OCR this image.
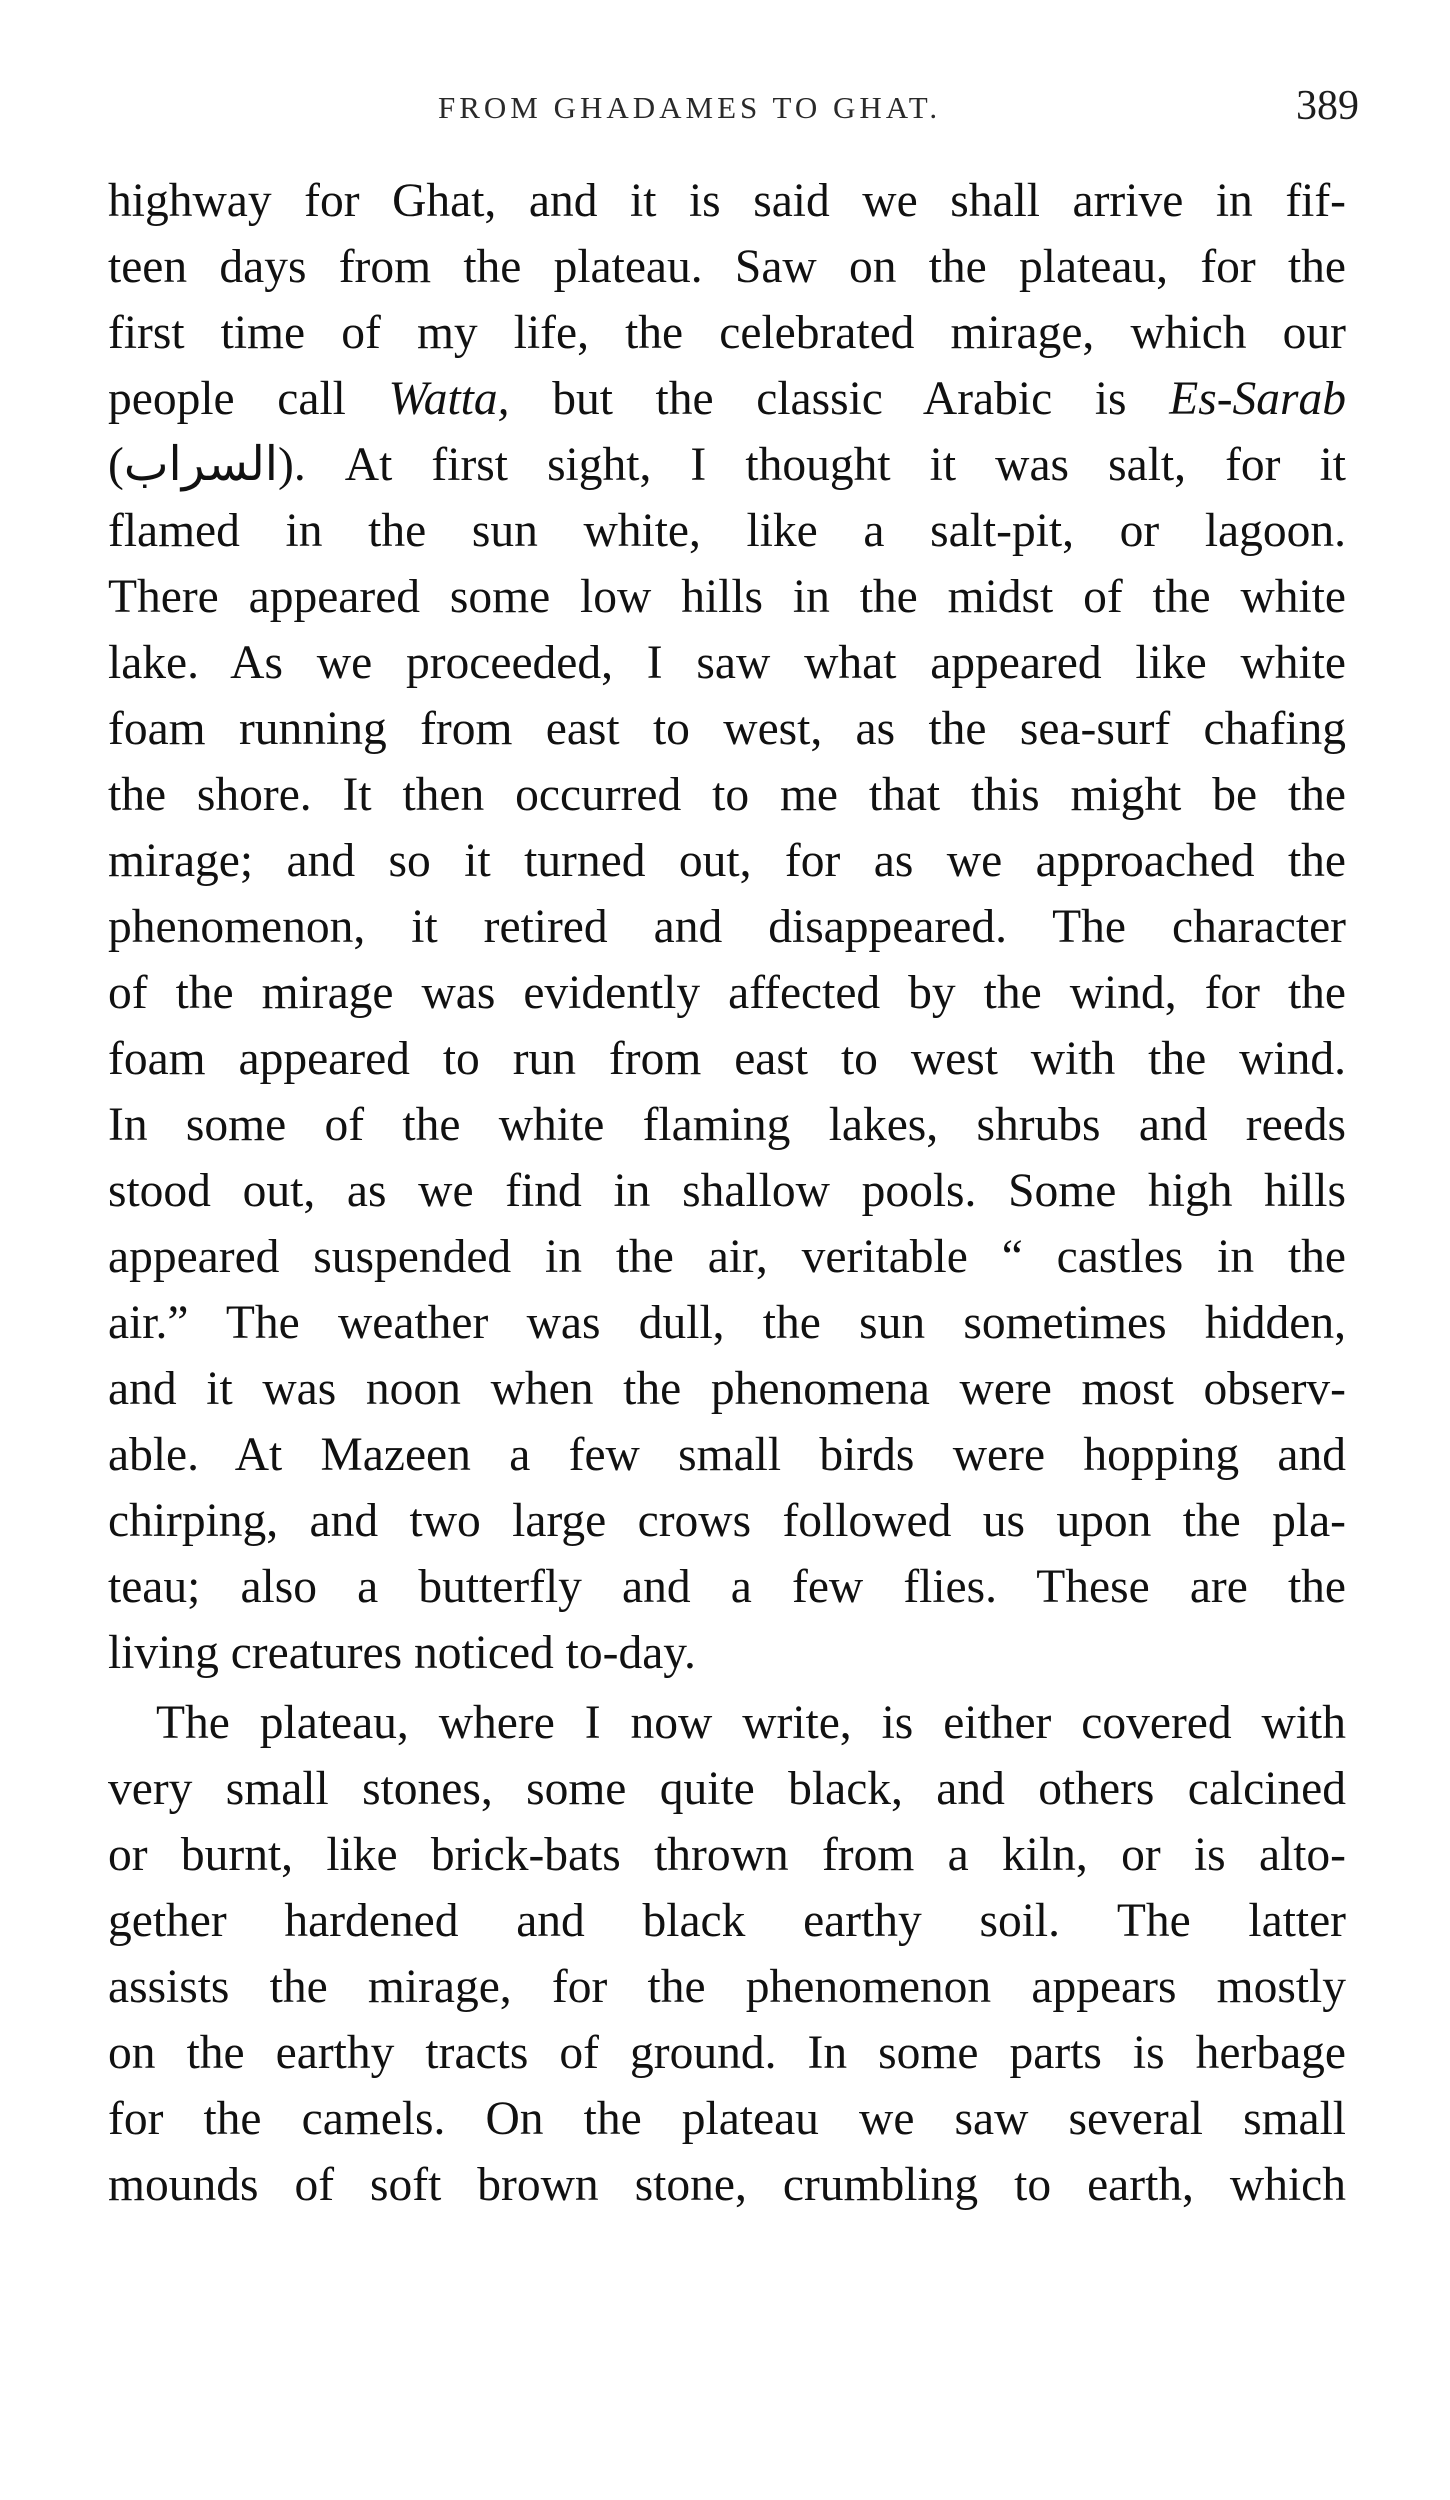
FROM GHADAMES TO GHAT.	389
highway for Ghat, and it is said we shall arrive in fif-
teen days from the plateau. Saw on the plateau, for the
first time of my life, the celebrated mirage, which our
people call Watta, but the classic Arabic is Es-Sarab
(السراب). At first sight, I thought it was salt, for it
flamed in the sun white, like a salt-pit, or lagoon.
There appeared some low hills in the midst of the white
lake. As we proceeded, I saw what appeared like white
foam running from east to west, as the sea-surf chafing
the shore. It then occurred to me that this might be the
mirage; and so it turned out, for as we approached the
phenomenon, it retired and disappeared. The character
of the mirage was evidently affected by the wind, for the
foam appeared to run from east to west with the wind.
In some of the white flaming lakes, shrubs and reeds
stood out, as we find in shallow pools. Some high hills
appeared suspended in the air, veritable “ castles in the
air.” The weather was dull, the sun sometimes hidden,
and it was noon when the phenomena were most observ-
able. At Mazeen a few small birds were hopping and
chirping, and two large crows followed us upon the pla-
teau; also a butterfly and a few flies. These are the
living creatures noticed to-day.
The plateau, where I now write, is either covered with
very small stones, some quite black, and others calcined
or burnt, like brick-bats thrown from a kiln, or is alto-
gether hardened and black earthy soil. The latter
assists the mirage, for the phenomenon appears mostly
on the earthy tracts of ground. In some parts is herbage
for the camels. On the plateau we saw several small
mounds of soft brown stone, crumbling to earth, which
